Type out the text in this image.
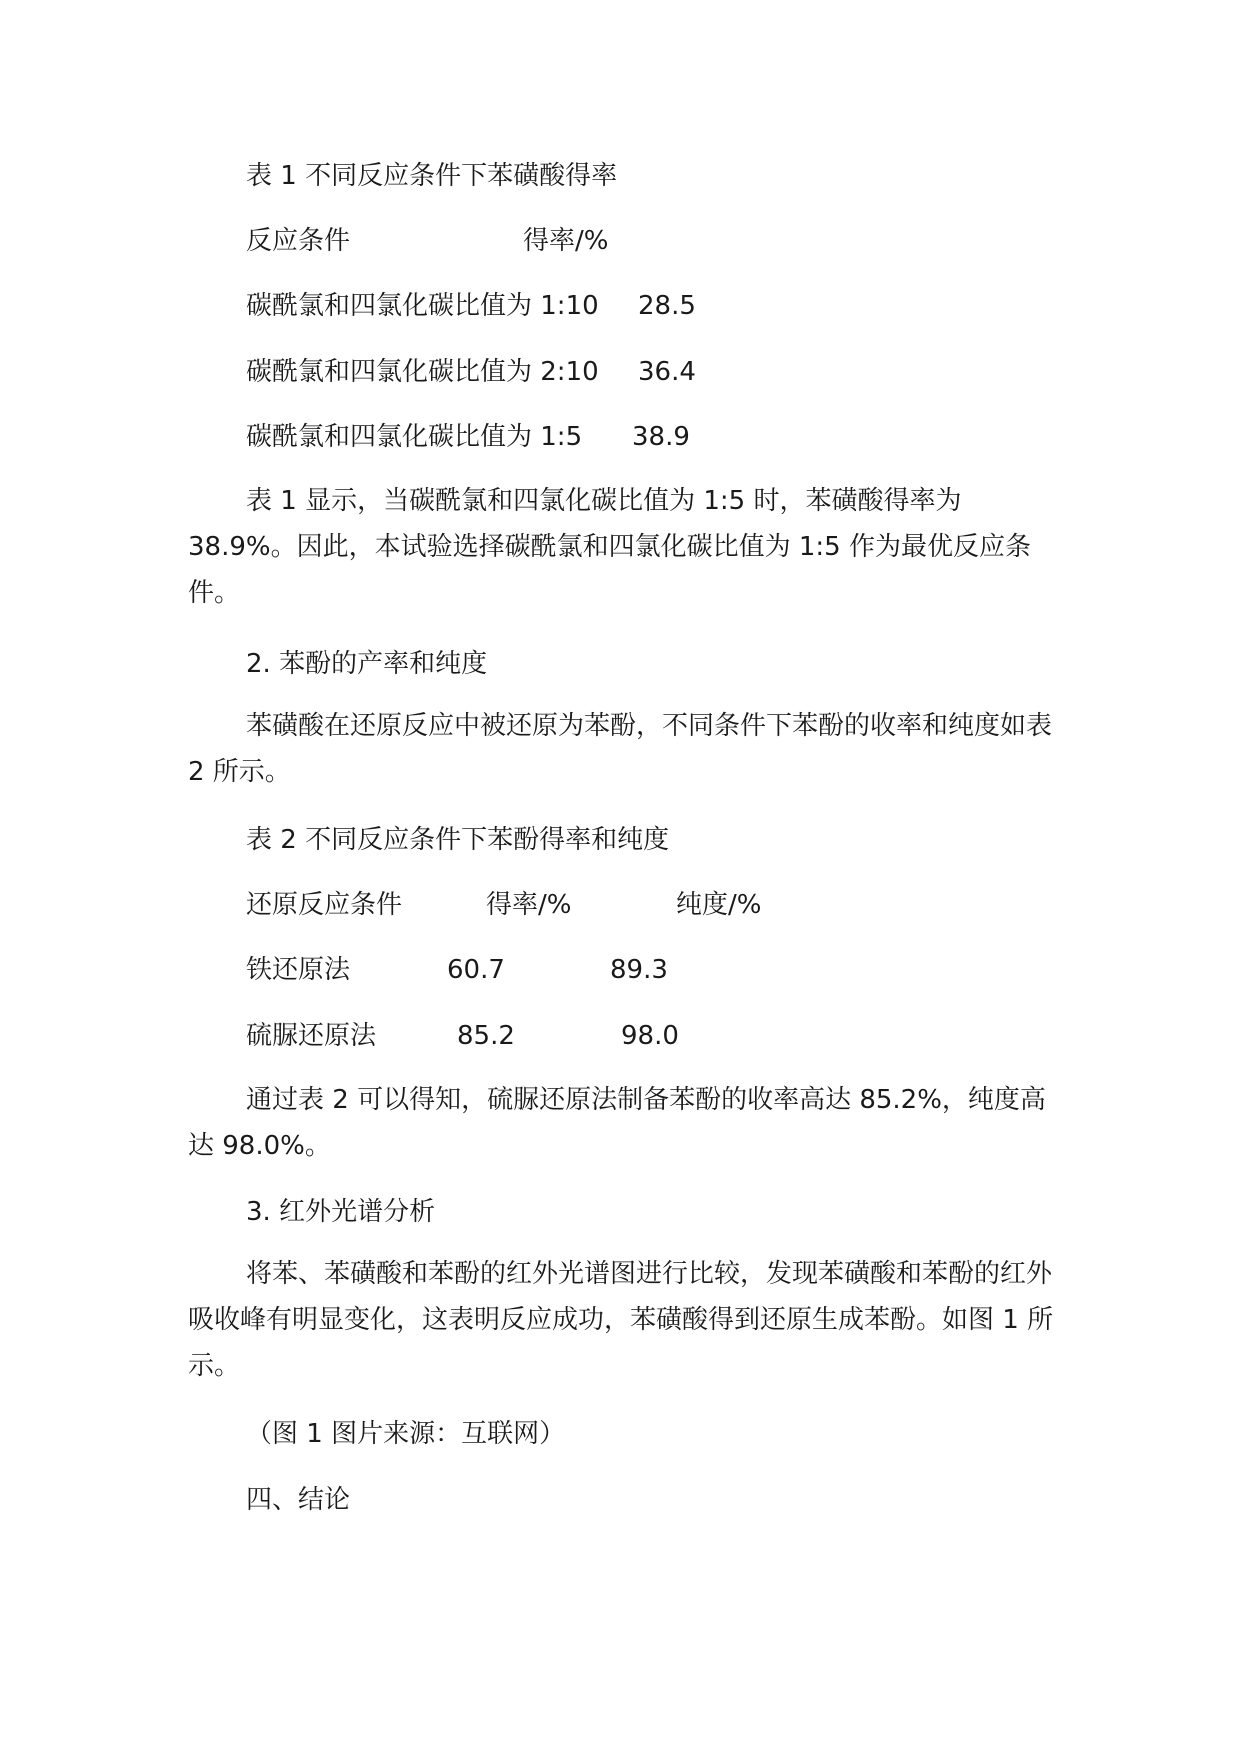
表 1 不同反应条件下苯磺酸得率

反应条件	得率/%
碳酰氯和四氯化碳比值为 1:10 28.5
碳酰氯和四氯化碳比值为 2:10 36.4
碳酰氯和四氯化碳比值为 1:5 38.9

表 1 显示，当碳酰氯和四氯化碳比值为 1:5 时，苯磺酸得率为 38.9%。因此，本试验选择碳酰氯和四氯化碳比值为 1:5 作为最优反应条件。

2. 苯酚的产率和纯度

苯磺酸在还原反应中被还原为苯酚，不同条件下苯酚的收率和纯度如表 2 所示。

表 2 不同反应条件下苯酚得率和纯度

还原反应条件	得率/%	纯度/%
铁还原法	60.7	89.3
硫脲还原法	85.2	98.0

通过表 2 可以得知，硫脲还原法制备苯酚的收率高达 85.2%，纯度高达 98.0%。

3. 红外光谱分析

将苯、苯磺酸和苯酚的红外光谱图进行比较，发现苯磺酸和苯酚的红外吸收峰有明显变化，这表明反应成功，苯磺酸得到还原生成苯酚。如图 1 所示。

（图 1 图片来源：互联网）

四、结论
